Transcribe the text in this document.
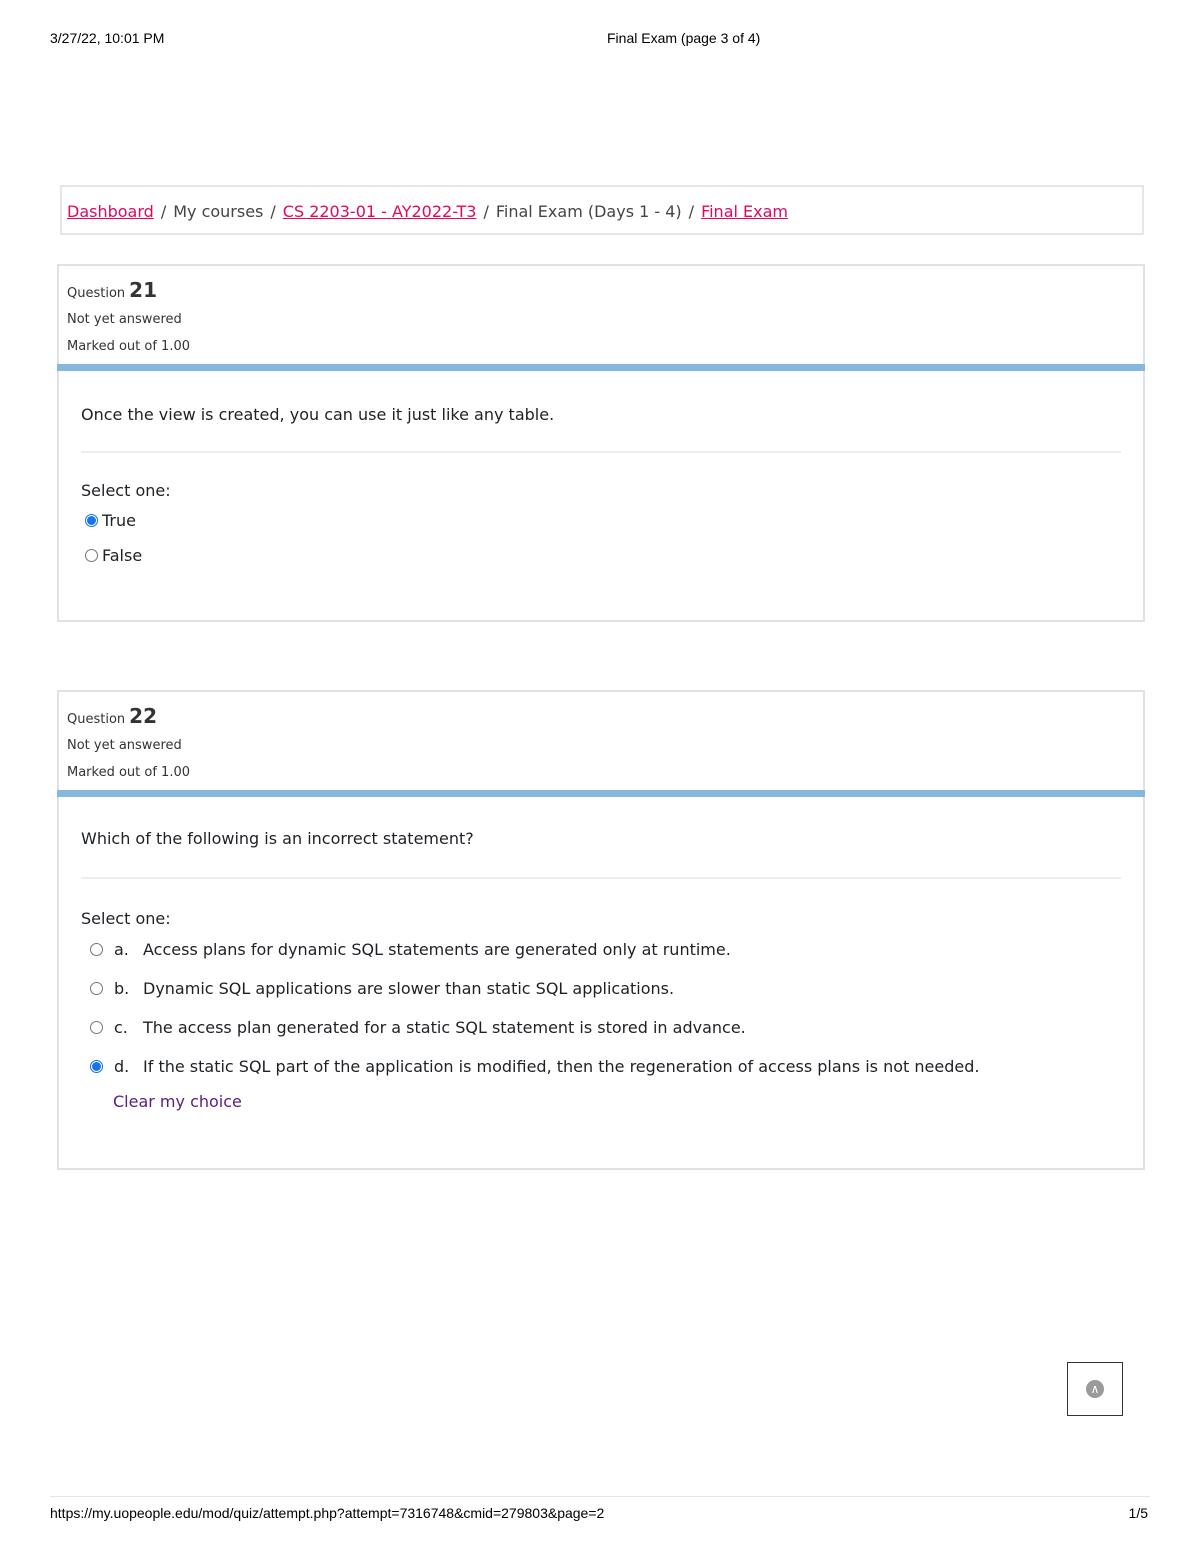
3/27/22, 10:01 PM	Final Exam (page 3 of 4)
Dashboard / My courses / CS 2203-01 - AY2022-T3 / Final Exam (Days 1 - 4) / Final Exam
Question 21
Not yet answered
Marked out of 1.00
Once the view is created, you can use it just like any table.
Select one:
True
False
Question 22
Not yet answered
Marked out of 1.00
Which of the following is an incorrect statement?
Select one:
a. Access plans for dynamic SQL statements are generated only at runtime.
b. Dynamic SQL applications are slower than static SQL applications.
c. The access plan generated for a static SQL statement is stored in advance.
d. If the static SQL part of the application is modified, then the regeneration of access plans is not needed.
Clear my choice
∧
https://my.uopeople.edu/mod/quiz/attempt.php?attempt=7316748&cmid=279803&page=2	1/5
